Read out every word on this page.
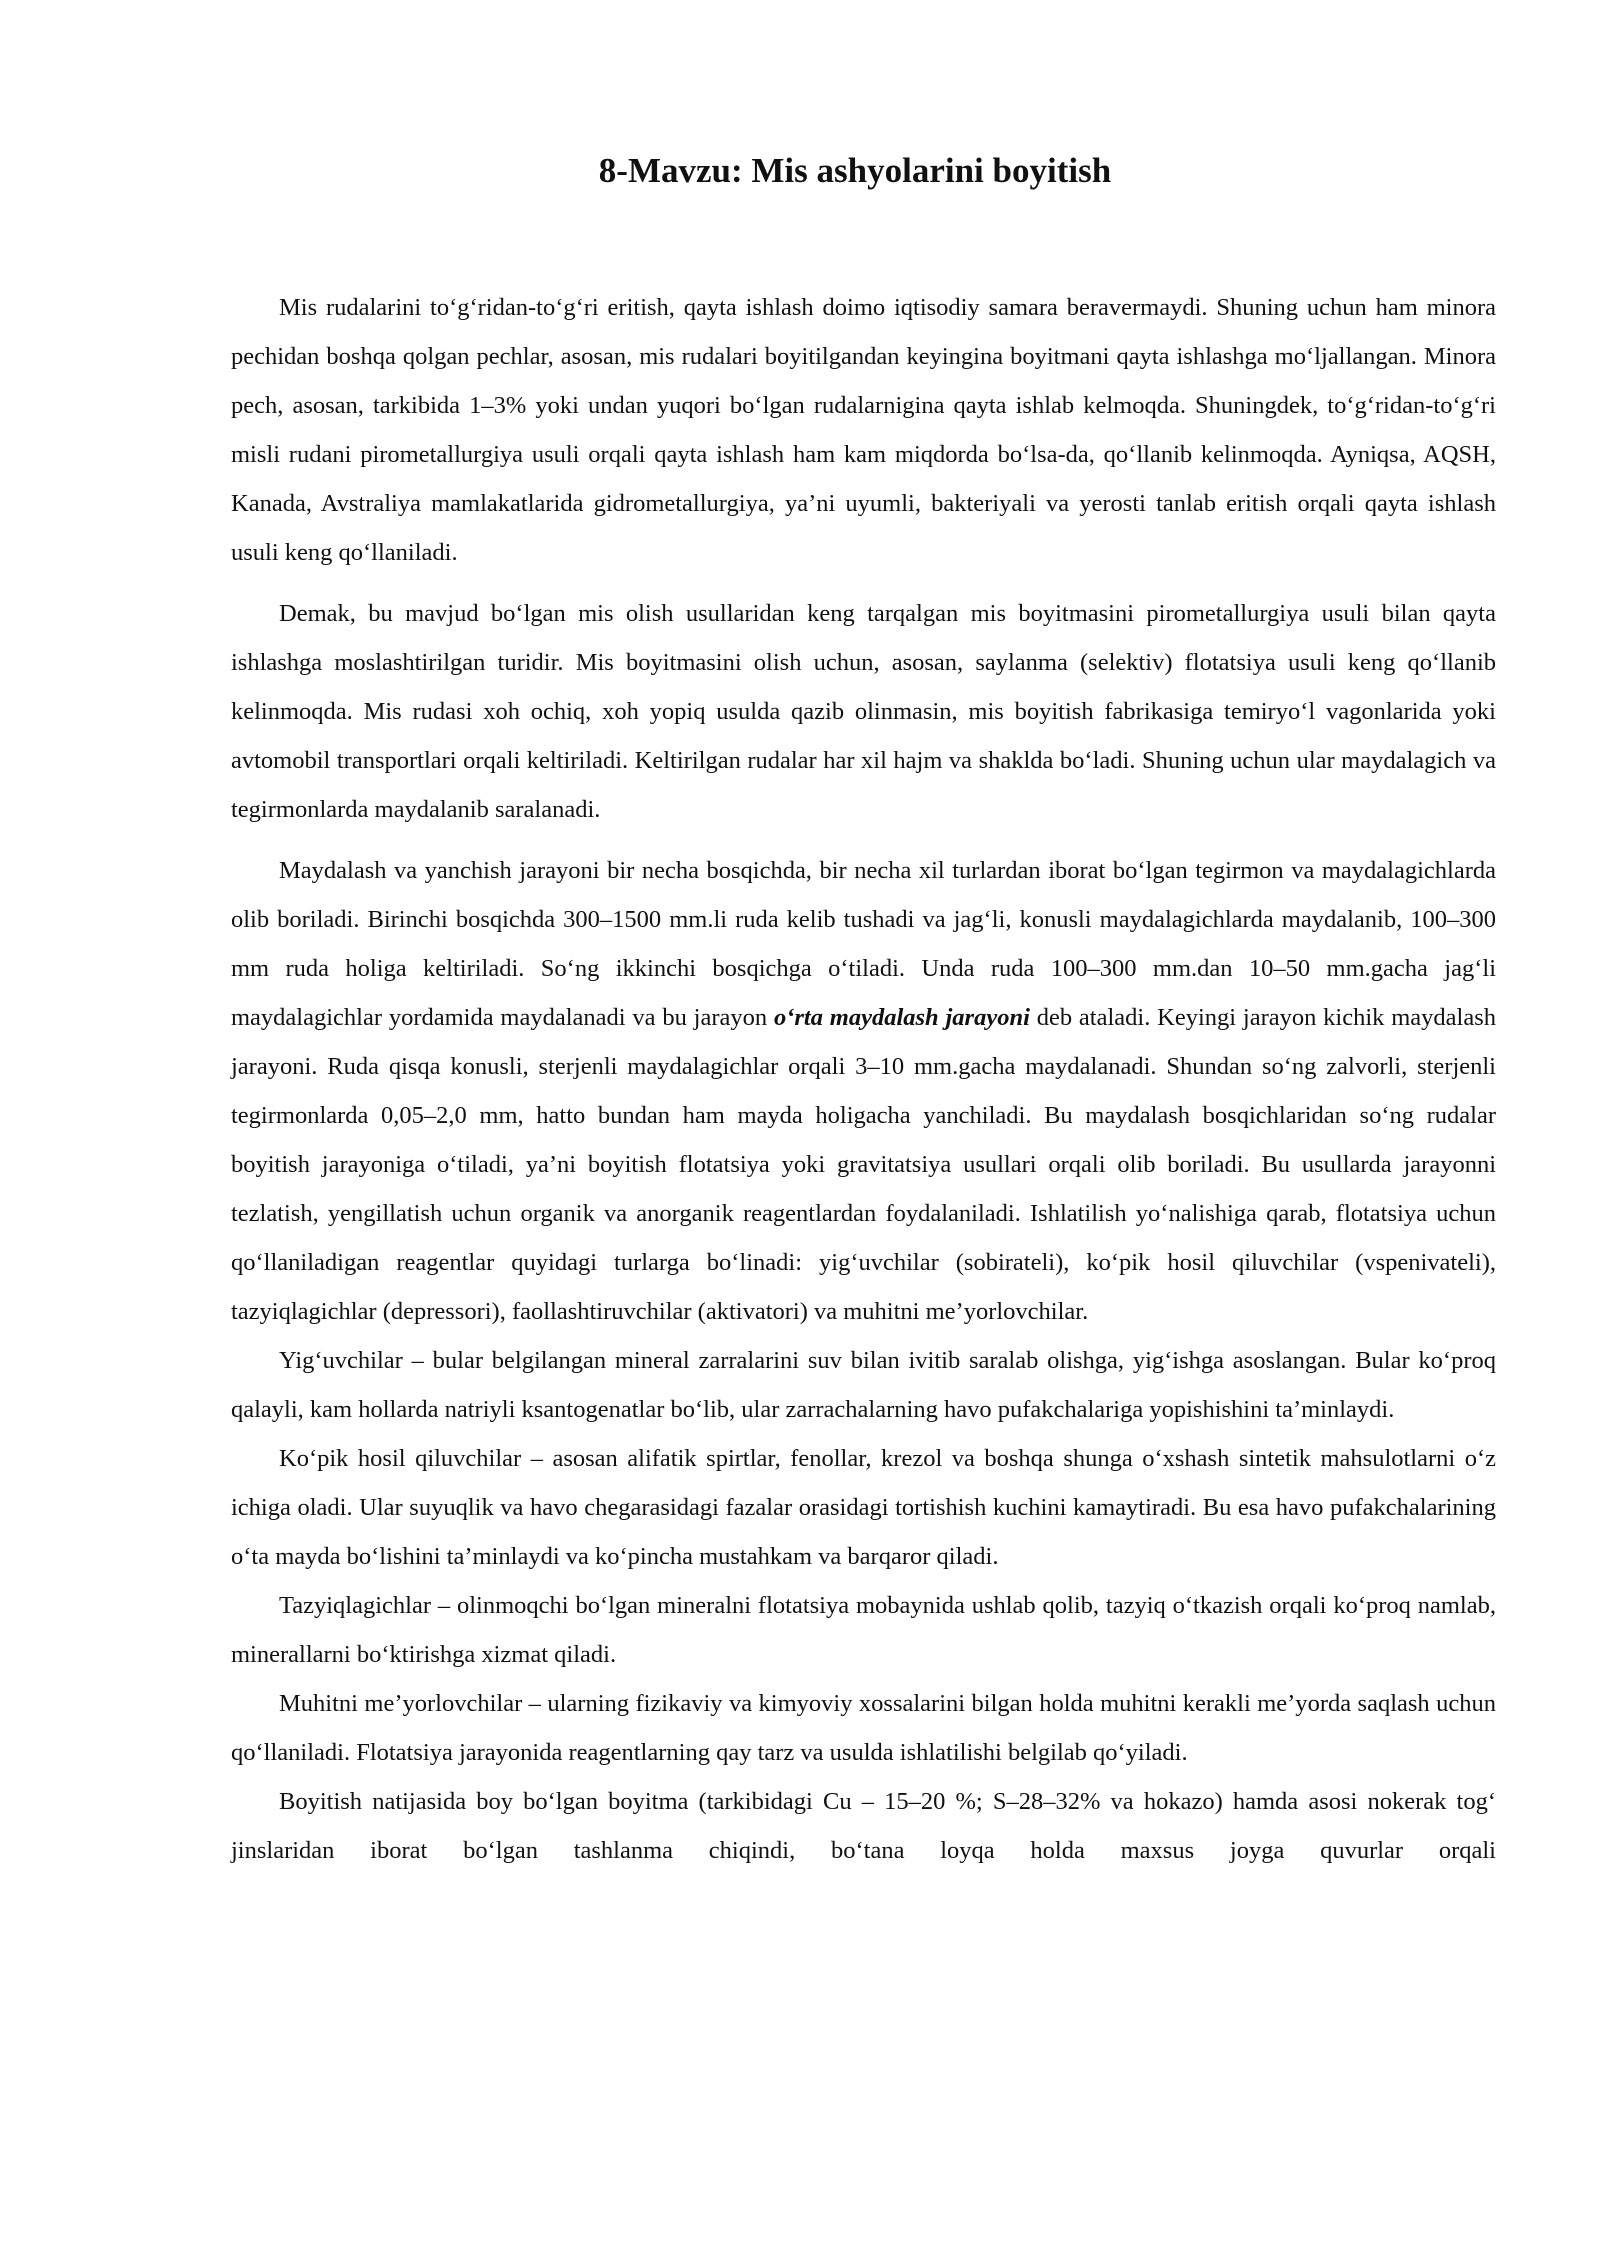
8-Mavzu: Mis ashyolarini boyitish

Mis rudalarini to‘g‘ridan-to‘g‘ri eritish, qayta ishlash doimo iqtisodiy samara beravermaydi. Shuning uchun ham minora pechidan boshqa qolgan pechlar, asosan, mis rudalari boyitilgandan keyingina boyitmani qayta ishlashga mo‘ljallangan. Minora pech, asosan, tarkibida 1–3% yoki undan yuqori bo‘lgan rudalarnigina qayta ishlab kelmoqda. Shuningdek, to‘g‘ridan-to‘g‘ri misli rudani pirometallurgiya usuli orqali qayta ishlash ham kam miqdorda bo‘lsa-da, qo‘llanib kelinmoqda. Ayniqsa, AQSH, Kanada, Avstraliya mamlakatlarida gidrometallurgiya, ya’ni uyumli, bakteriyali va yerosti tanlab eritish orqali qayta ishlash usuli keng qo‘llaniladi.

Demak, bu mavjud bo‘lgan mis olish usullaridan keng tarqalgan mis boyitmasini pirometallurgiya usuli bilan qayta ishlashga moslashtirilgan turidir. Mis boyitmasini olish uchun, asosan, saylanma (selektiv) flotatsiya usuli keng qo‘llanib kelinmoqda. Mis rudasi xoh ochiq, xoh yopiq usulda qazib olinmasin, mis boyitish fabrikasiga temiryo‘l vagonlarida yoki avtomobil transportlari orqali keltiriladi. Keltirilgan rudalar har xil hajm va shaklda bo‘ladi. Shuning uchun ular maydalagich va tegirmonlarda maydalanib saralanadi.

Maydalash va yanchish jarayoni bir necha bosqichda, bir necha xil turlardan iborat bo‘lgan tegirmon va maydalagichlarda olib boriladi. Birinchi bosqichda 300–1500 mm.li ruda kelib tushadi va jag‘li, konusli maydalagichlarda maydalanib, 100–300 mm ruda holiga keltiriladi. So‘ng ikkinchi bosqichga o‘tiladi. Unda ruda 100–300 mm.dan 10–50 mm.gacha jag‘li maydalagichlar yordamida maydalanadi va bu jarayon o‘rta maydalash jarayoni deb ataladi. Keyingi jarayon kichik maydalash jarayoni. Ruda qisqa konusli, sterjenli maydalagichlar orqali 3–10 mm.gacha maydalanadi. Shundan so‘ng zalvorli, sterjenli tegirmonlarda 0,05–2,0 mm, hatto bundan ham mayda holigacha yanchiladi. Bu maydalash bosqichlaridan so‘ng rudalar boyitish jarayoniga o‘tiladi, ya’ni boyitish flotatsiya yoki gravitatsiya usullari orqali olib boriladi. Bu usullarda jarayonni tezlatish, yengillatish uchun organik va anorganik reagentlardan foydalaniladi. Ishlatilish yo‘nalishiga qarab, flotatsiya uchun qo‘llaniladigan reagentlar quyidagi turlarga bo‘linadi: yig‘uvchilar (sobirateli), ko‘pik hosil qiluvchilar (vspenivateli), tazyiqlagichlar (depressori), faollashtiruvchilar (aktivatori) va muhitni me’yorlovchilar.

Yig‘uvchilar – bular belgilangan mineral zarralarini suv bilan ivitib saralab olishga, yig‘ishga asoslangan. Bular ko‘proq qalayli, kam hollarda natriyli ksantogenatlar bo‘lib, ular zarrachalarning havo pufakchalariga yopishishini ta’minlaydi.

Ko‘pik hosil qiluvchilar – asosan alifatik spirtlar, fenollar, krezol va boshqa shunga o‘xshash sintetik mahsulotlarni o‘z ichiga oladi. Ular suyuqlik va havo chegarasidagi fazalar orasidagi tortishish kuchini kamaytiradi. Bu esa havo pufakchalarining o‘ta mayda bo‘lishini ta’minlaydi va ko‘pincha mustahkam va barqaror qiladi.

Tazyiqlagichlar – olinmoqchi bo‘lgan mineralni flotatsiya mobaynida ushlab qolib, tazyiq o‘tkazish orqali ko‘proq namlab, minerallarni bo‘ktirishga xizmat qiladi.

Muhitni me’yorlovchilar – ularning fizikaviy va kimyoviy xossalarini bilgan holda muhitni kerakli me’yorda saqlash uchun qo‘llaniladi. Flotatsiya jarayonida reagentlarning qay tarz va usulda ishlatilishi belgilab qo‘yiladi.

Boyitish natijasida boy bo‘lgan boyitma (tarkibidagi Cu – 15–20 %; S–28–32% va hokazo) hamda asosi nokerak tog‘ jinslaridan iborat bo‘lgan tashlanma chiqindi, bo‘tana loyqa holda maxsus joyga quvurlar orqali
